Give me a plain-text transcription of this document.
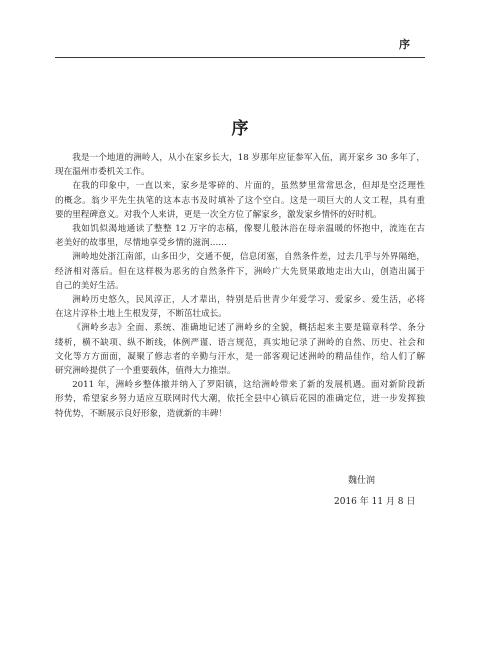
序
序
我是一个地道的洲岭人，从小在家乡长大，18 岁那年应征参军入伍，离开家乡 30 多年了，
现在温州市委机关工作。
在我的印象中，一直以来，家乡是零碎的、片面的，虽然梦里常常思念，但却是空泛理性
的概念。翁少平先生执笔的这本志书及时填补了这个空白。这是一项巨大的人文工程，具有重
要的里程碑意义。对我个人来讲，更是一次全方位了解家乡，激发家乡情怀的好时机。
我如饥似渴地通读了整整 12 万字的志稿，像婴儿般沐浴在母亲温暖的怀抱中，流连在古
老美好的故事里，尽情地享受乡情的滋润……
洲岭地处浙江南部，山多田少，交通不便，信息闭塞，自然条件差，过去几乎与外界隔绝，
经济相对落后。但在这样极为恶劣的自然条件下，洲岭广大先贤果敢地走出大山，创造出属于
自己的美好生活。
洲岭历史悠久，民风淳正，人才辈出，特别是后世青少年爱学习、爱家乡、爱生活，必将
在这片淳朴土地上生根发芽，不断茁壮成长。
《洲岭乡志》全面、系统、准确地记述了洲岭乡的全貌，概括起来主要是篇章科学、条分
缕析，横不缺项、纵不断线，体例严谨、语言规范，真实地记录了洲岭的自然、历史、社会和
文化等方方面面，凝聚了修志者的辛勤与汗水，是一部客观记述洲岭的精品佳作，给人们了解
研究洲岭提供了一个重要载体，值得大力推崇。
2011 年，洲岭乡整体撤并纳入了罗阳镇，这给洲岭带来了新的发展机遇。面对新阶段新
形势，希望家乡努力适应互联网时代大潮，依托全县中心镇后花园的准确定位，进一步发挥独
特优势，不断展示良好形象，造就新的丰碑！
魏仕润
2016 年 11 月 8 日
